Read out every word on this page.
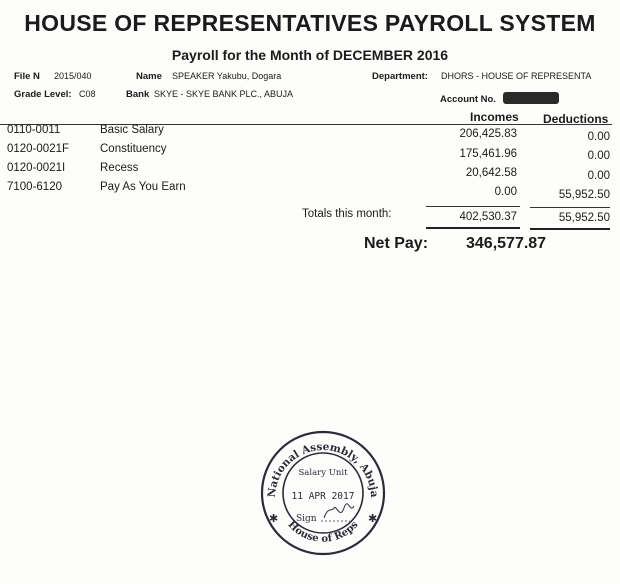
HOUSE OF REPRESENTATIVES PAYROLL SYSTEM
Payroll for the Month of DECEMBER 2016
File N 2015/040	Name SPEAKER Yakubu, Dogara	Department: DHORS - HOUSE OF REPRESENTA
Grade Level: C08	Bank SKYE - SKYE BANK PLC., ABUJA	Account No.
Incomes Deductions
0110-0011	Basic Salary	206,425.83	0.00
0120-0021F	Constituency	175,461.96	0.00
0120-0021I	Recess	20,642.58	0.00
7100-6120	Pay As You Earn	0.00	55,952.50
Totals this month:	402,530.37	55,952.50
Net Pay: 346,577.87
National Assembly, Abuja
House of Reps
✱	✱
Salary Unit
11 APR 2017
Sign
